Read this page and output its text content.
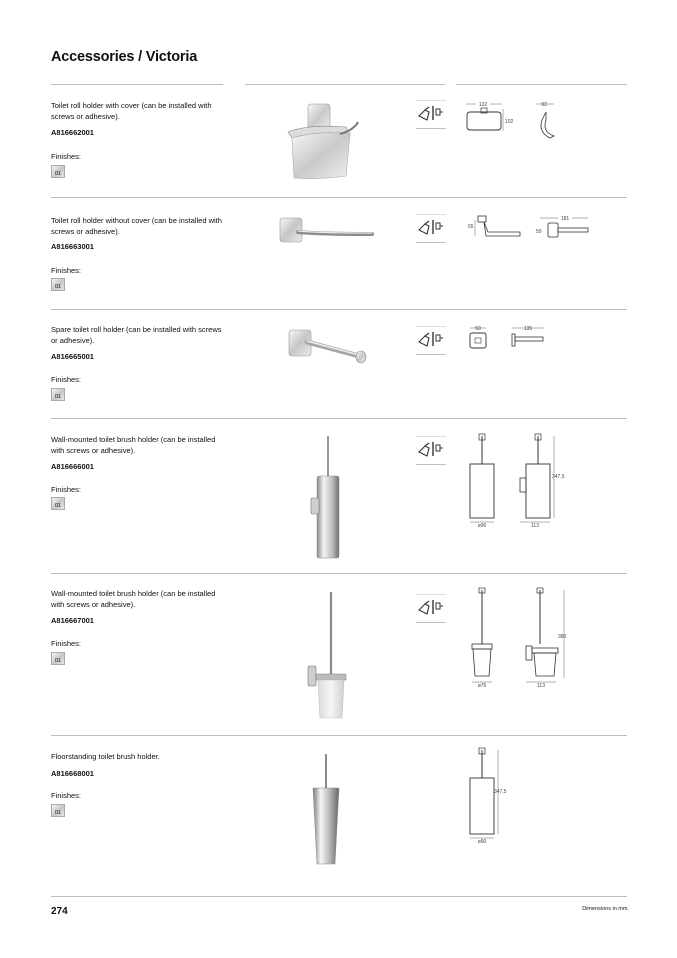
Accessories / Victoria
Toilet roll holder with cover (can be installed with screws or adhesive).
A816662001
Finishes:
01
132
102
93
Toilet roll holder without cover (can be installed with screws or adhesive).
A816663001
Finishes:
01
65
181
50
Spare toilet roll holder (can be installed with screws or adhesive).
A816665001
Finishes:
01
50	135
Wall-mounted toilet brush holder (can be installed with screws or adhesive).
A816666001
Finishes:
01
ø90
347,5
113
Wall-mounted toilet brush holder (can be installed with screws or adhesive).
A816667001
Finishes:
01
ø76
380
113
Floorstanding toilet brush holder.
A816668001
Finishes:
01
347,5
ø90
274	Dimensions in mm.
